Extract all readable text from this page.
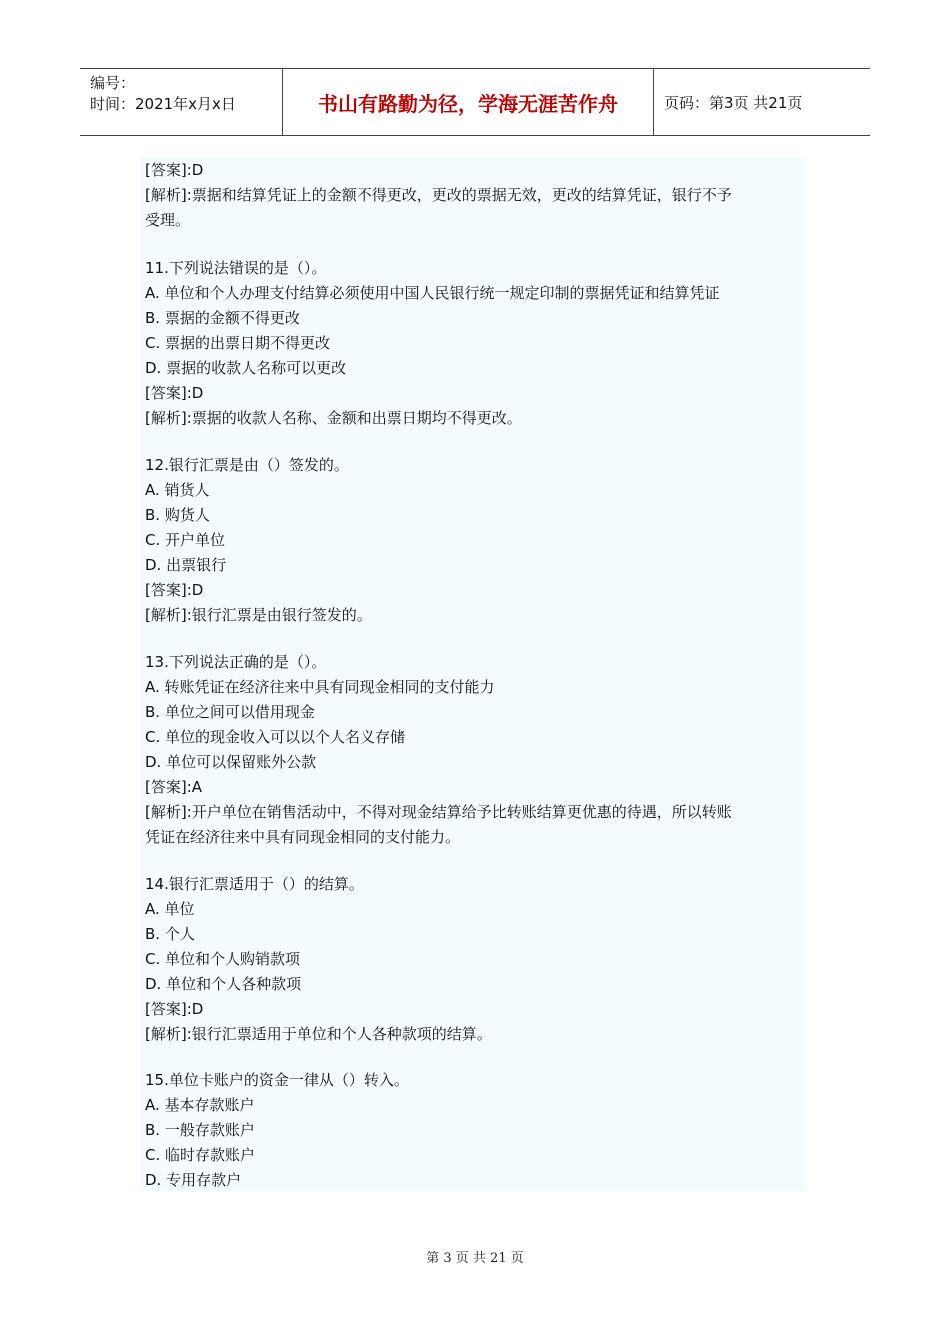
编号：
时间：2021年x月x日	书山有路勤为径，学海无涯苦作舟	页码：第3页 共21页
[答案]:D
[解析]:票据和结算凭证上的金额不得更改，更改的票据无效，更改的结算凭证，银行不予
受理。
11.下列说法错误的是（）。
A. 单位和个人办理支付结算必须使用中国人民银行统一规定印制的票据凭证和结算凭证
B. 票据的金额不得更改
C. 票据的出票日期不得更改
D. 票据的收款人名称可以更改
[答案]:D
[解析]:票据的收款人名称、金额和出票日期均不得更改。
12.银行汇票是由（）签发的。
A. 销货人
B. 购货人
C. 开户单位
D. 出票银行
[答案]:D
[解析]:银行汇票是由银行签发的。
13.下列说法正确的是（）。
A. 转账凭证在经济往来中具有同现金相同的支付能力
B. 单位之间可以借用现金
C. 单位的现金收入可以以个人名义存储
D. 单位可以保留账外公款
[答案]:A
[解析]:开户单位在销售活动中，不得对现金结算给予比转账结算更优惠的待遇，所以转账
凭证在经济往来中具有同现金相同的支付能力。
14.银行汇票适用于（）的结算。
A. 单位
B. 个人
C. 单位和个人购销款项
D. 单位和个人各种款项
[答案]:D
[解析]:银行汇票适用于单位和个人各种款项的结算。
15.单位卡账户的资金一律从（）转入。
A. 基本存款账户
B. 一般存款账户
C. 临时存款账户
D. 专用存款户
第 3 页 共 21 页
